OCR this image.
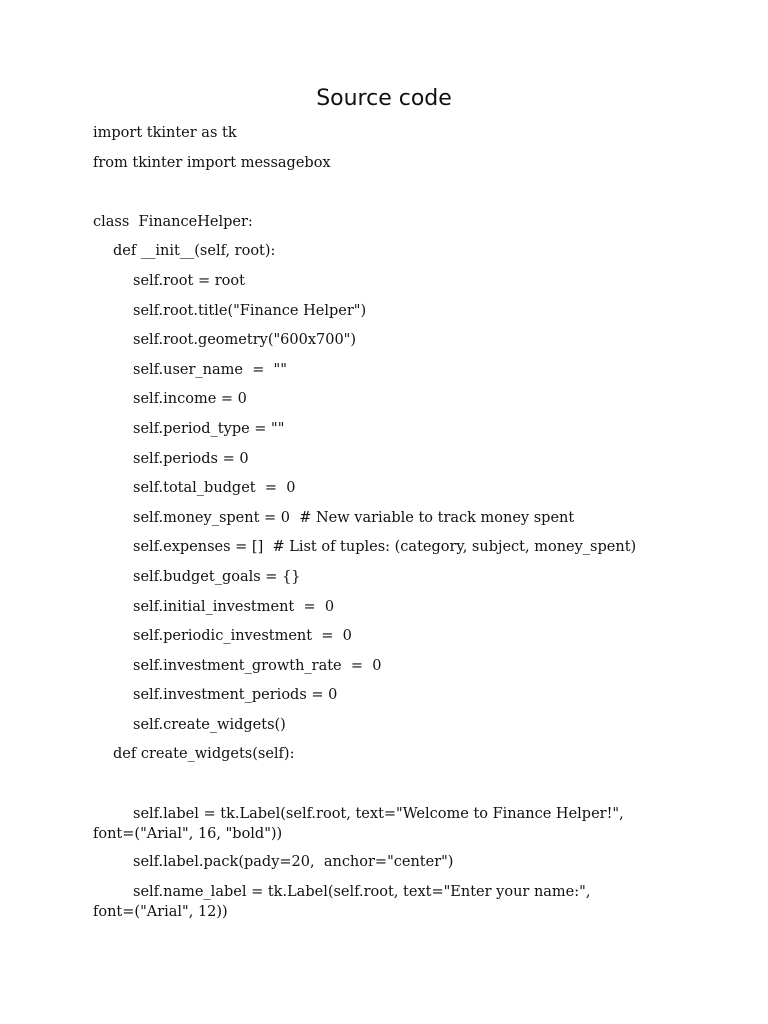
Source code
import tkinter as tk
from tkinter import messagebox
class  FinanceHelper:
def __init__(self, root):
self.root = root
self.root.title("Finance Helper")
self.root.geometry("600x700")
self.user_name  =  ""
self.income = 0
self.period_type = ""
self.periods = 0
self.total_budget  =  0
self.money_spent = 0  # New variable to track money spent
self.expenses = []  # List of tuples: (category, subject, money_spent)
self.budget_goals = {}
self.initial_investment  =  0
self.periodic_investment  =  0
self.investment_growth_rate  =  0
self.investment_periods = 0
self.create_widgets()
def create_widgets(self):
self.label = tk.Label(self.root, text="Welcome to Finance Helper!",
font=("Arial", 16, "bold"))
self.label.pack(pady=20,  anchor="center")
self.name_label = tk.Label(self.root, text="Enter your name:",
font=("Arial", 12))
